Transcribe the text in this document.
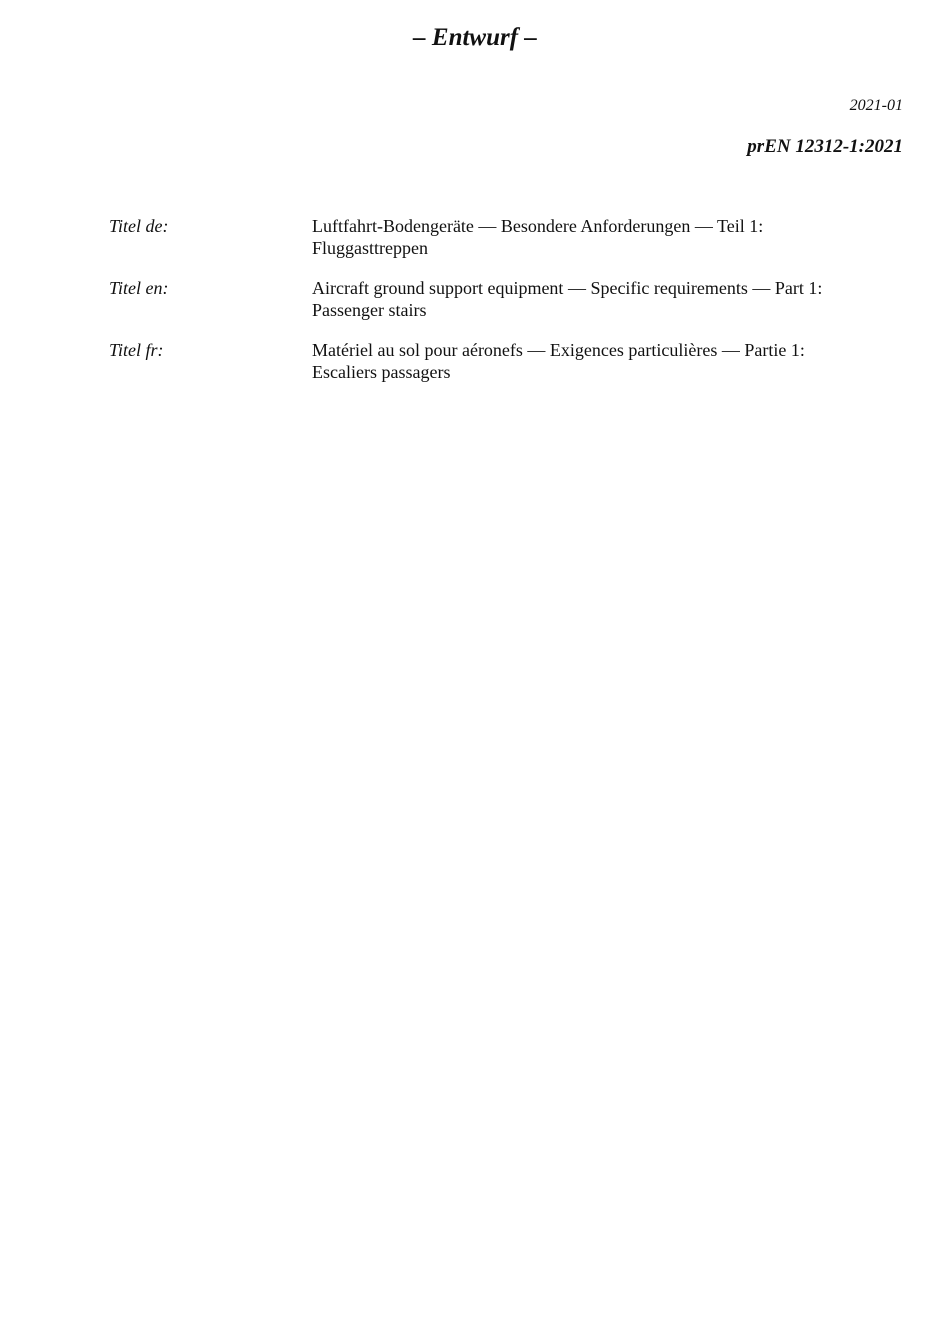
– Entwurf –
2021-01
prEN 12312-1:2021
Titel de:	Luftfahrt-Bodengeräte — Besondere Anforderungen — Teil 1:
Fluggasttreppen
Titel en:	Aircraft ground support equipment — Specific requirements — Part 1:
Passenger stairs
Titel fr:	Matériel au sol pour aéronefs — Exigences particulières — Partie 1:
Escaliers passagers
